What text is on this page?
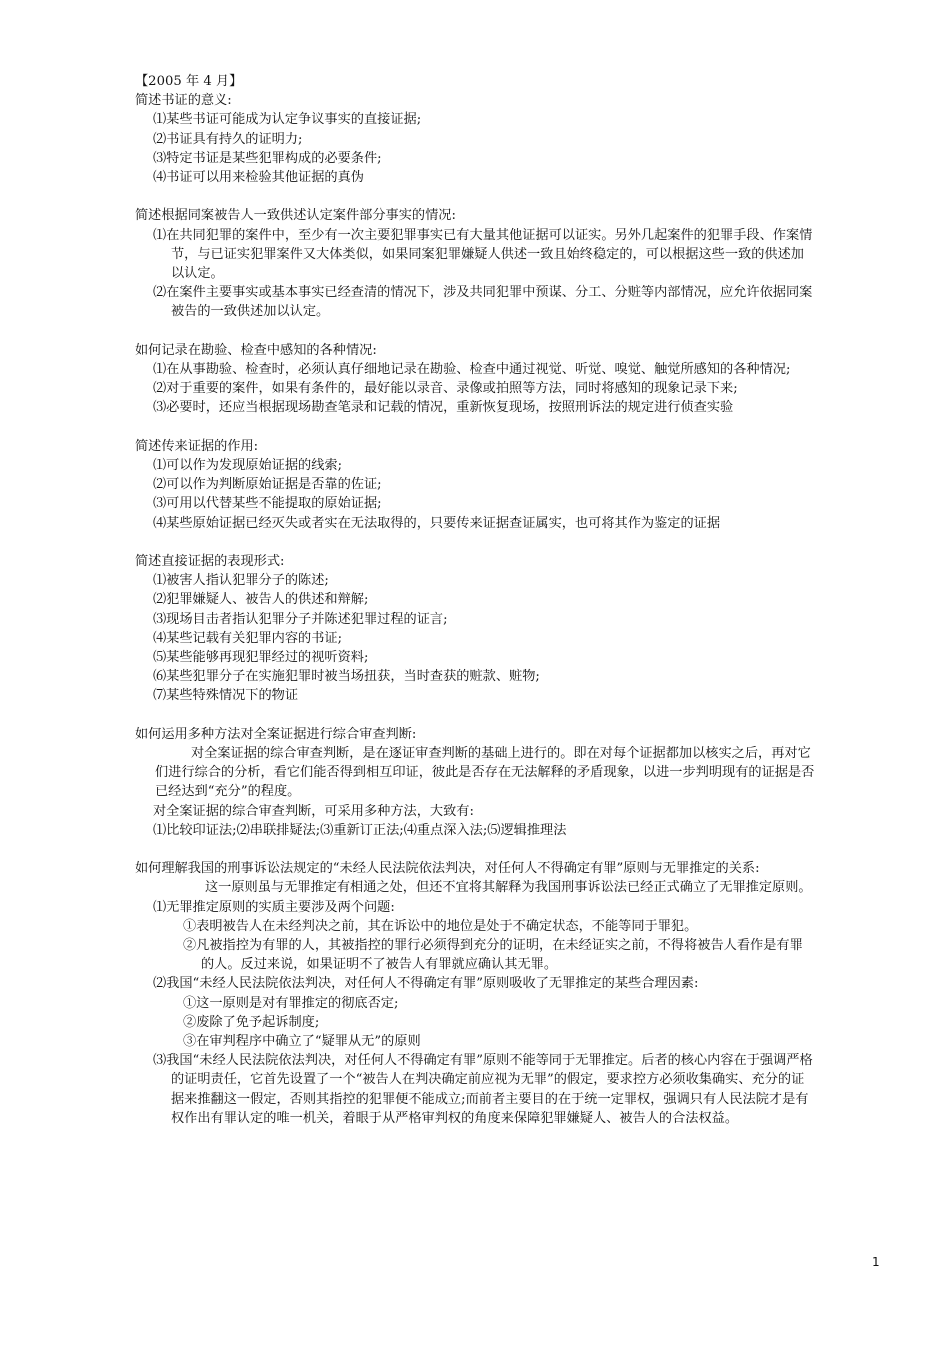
【2005 年 4 月】
简述书证的意义:
⑴某些书证可能成为认定争议事实的直接证据;
⑵书证具有持久的证明力;
⑶特定书证是某些犯罪构成的必要条件;
⑷书证可以用来检验其他证据的真伪
简述根据同案被告人一致供述认定案件部分事实的情况:
⑴在共同犯罪的案件中，至少有一次主要犯罪事实已有大量其他证据可以证实。另外几起案件的犯罪手段、作案情节，与已证实犯罪案件又大体类似，如果同案犯罪嫌疑人供述一致且始终稳定的，可以根据这些一致的供述加以认定。
⑵在案件主要事实或基本事实已经查清的情况下，涉及共同犯罪中预谋、分工、分赃等内部情况，应允许依据同案被告的一致供述加以认定。
如何记录在勘验、检查中感知的各种情况:
⑴在从事勘验、检查时，必须认真仔细地记录在勘验、检查中通过视觉、听觉、嗅觉、触觉所感知的各种情况;
⑵对于重要的案件，如果有条件的，最好能以录音、录像或拍照等方法，同时将感知的现象记录下来;
⑶必要时，还应当根据现场勘查笔录和记载的情况，重新恢复现场，按照刑诉法的规定进行侦查实验
简述传来证据的作用:
⑴可以作为发现原始证据的线索;
⑵可以作为判断原始证据是否靠的佐证;
⑶可用以代替某些不能提取的原始证据;
⑷某些原始证据已经灭失或者实在无法取得的，只要传来证据查证属实，也可将其作为鉴定的证据
简述直接证据的表现形式:
⑴被害人指认犯罪分子的陈述;
⑵犯罪嫌疑人、被告人的供述和辩解;
⑶现场目击者指认犯罪分子并陈述犯罪过程的证言;
⑷某些记载有关犯罪内容的书证;
⑸某些能够再现犯罪经过的视听资料;
⑹某些犯罪分子在实施犯罪时被当场扭获，当时查获的赃款、赃物;
⑺某些特殊情况下的物证
如何运用多种方法对全案证据进行综合审查判断:
对全案证据的综合审查判断，是在逐证审查判断的基础上进行的。即在对每个证据都加以核实之后，再对它们进行综合的分析，看它们能否得到相互印证，彼此是否存在无法解释的矛盾现象，以进一步判明现有的证据是否已经达到“充分”的程度。
对全案证据的综合审查判断，可采用多种方法，大致有:
⑴比较印证法;⑵串联排疑法;⑶重新订正法;⑷重点深入法;⑸逻辑推理法
如何理解我国的刑事诉讼法规定的“未经人民法院依法判决，对任何人不得确定有罪”原则与无罪推定的关系:
这一原则虽与无罪推定有相通之处，但还不宜将其解释为我国刑事诉讼法已经正式确立了无罪推定原则。
⑴无罪推定原则的实质主要涉及两个问题:
①表明被告人在未经判决之前，其在诉讼中的地位是处于不确定状态，不能等同于罪犯。
②凡被指控为有罪的人，其被指控的罪行必须得到充分的证明，在未经证实之前，不得将被告人看作是有罪的人。反过来说，如果证明不了被告人有罪就应确认其无罪。
⑵我国“未经人民法院依法判决，对任何人不得确定有罪”原则吸收了无罪推定的某些合理因素:
①这一原则是对有罪推定的彻底否定;
②废除了免予起诉制度;
③在审判程序中确立了“疑罪从无”的原则
⑶我国“未经人民法院依法判决，对任何人不得确定有罪”原则不能等同于无罪推定。后者的核心内容在于强调严格的证明责任，它首先设置了一个“被告人在判决确定前应视为无罪”的假定，要求控方必须收集确实、充分的证据来推翻这一假定，否则其指控的犯罪便不能成立;而前者主要目的在于统一定罪权，强调只有人民法院才是有权作出有罪认定的唯一机关，着眼于从严格审判权的角度来保障犯罪嫌疑人、被告人的合法权益。
1
